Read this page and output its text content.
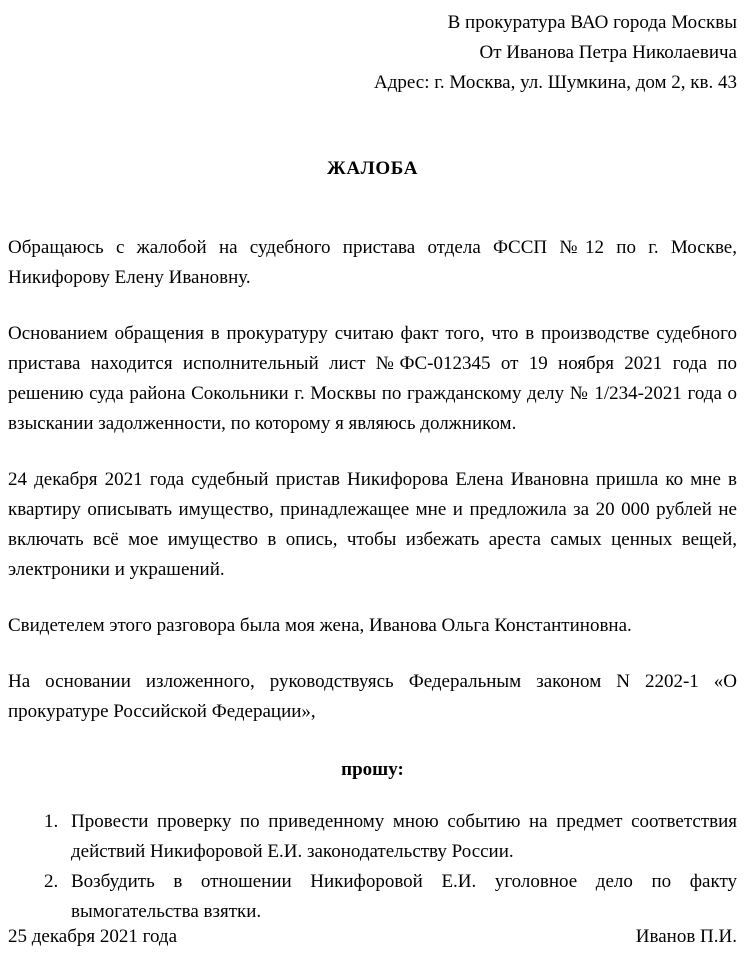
В прокуратура ВАО города Москвы
От Иванова Петра Николаевича
Адрес: г. Москва, ул. Шумкина, дом 2, кв. 43
ЖАЛОБА

Обращаюсь с жалобой на судебного пристава отдела ФССП №12 по г. Москве, Никифорову Елену Ивановну.

Основанием обращения в прокуратуру считаю факт того, что в производстве судебного пристава находится исполнительный лист №ФС-012345 от 19 ноября 2021 года по решению суда района Сокольники г. Москвы по гражданскому делу № 1/234-2021 года о взыскании задолженности, по которому я являюсь должником.

24 декабря 2021 года судебный пристав Никифорова Елена Ивановна пришла ко мне в квартиру описывать имущество, принадлежащее мне и предложила за 20 000 рублей не включать всё мое имущество в опись, чтобы избежать ареста самых ценных вещей, электроники и украшений.

Свидетелем этого разговора была моя жена, Иванова Ольга Константиновна.

На основании изложенного, руководствуясь Федеральным законом N 2202-1 «О прокуратуре Российской Федерации»,

прошу:
1. Провести проверку по приведенному мною событию на предмет соответствия действий Никифоровой Е.И. законодательству России.
2. Возбудить в отношении Никифоровой Е.И. уголовное дело по факту вымогательства взятки.
25 декабря 2021 года	Иванов П.И.
